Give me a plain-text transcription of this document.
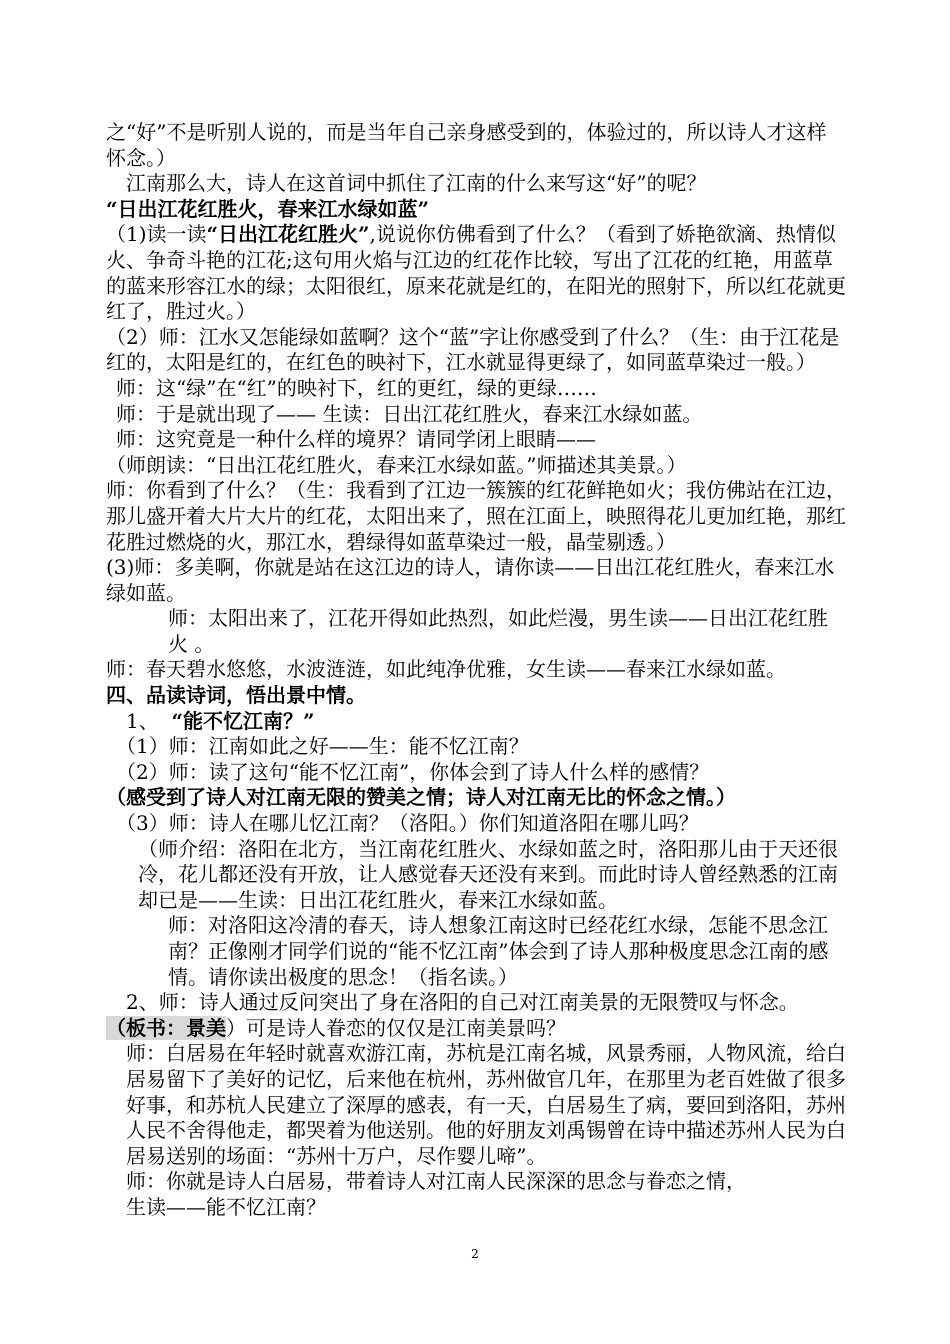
之“好”不是听别人说的，而是当年自己亲身感受到的，体验过的，所以诗人才这样怀念。）

江南那么大，诗人在这首词中抓住了江南的什么来写这“好”的呢？

“日出江花红胜火，春来江水绿如蓝”

（1)读一读“日出江花红胜火”,说说你仿佛看到了什么？（看到了娇艳欲滴、热情似火、争奇斗艳的江花;这句用火焰与江边的红花作比较，写出了江花的红艳，用蓝草的蓝来形容江水的绿；太阳很红，原来花就是红的，在阳光的照射下，所以红花就更红了，胜过火。）

（2）师：江水又怎能绿如蓝啊？这个“蓝”字让你感受到了什么？（生：由于江花是红的，太阳是红的，在红色的映衬下，江水就显得更绿了，如同蓝草染过一般。）

师：这“绿”在“红”的映衬下，红的更红，绿的更绿……

师：于是就出现了—— 生读：日出江花红胜火，春来江水绿如蓝。

师：这究竟是一种什么样的境界？请同学闭上眼睛——

（师朗读：“日出江花红胜火，春来江水绿如蓝。”师描述其美景。）

师：你看到了什么？（生：我看到了江边一簇簇的红花鲜艳如火；我仿佛站在江边，那儿盛开着大片大片的红花，太阳出来了，照在江面上，映照得花儿更加红艳，那红花胜过燃烧的火，那江水，碧绿得如蓝草染过一般，晶莹剔透。）

(3)师：多美啊，你就是站在这江边的诗人，请你读——日出江花红胜火，春来江水绿如蓝。

师：太阳出来了，江花开得如此热烈，如此烂漫，男生读——日出江花红胜火 。

师：春天碧水悠悠，水波涟涟，如此纯净优雅，女生读——春来江水绿如蓝。

四、品读诗词，悟出景中情。

1、 “能不忆江南？”

（1）师：江南如此之好——生：能不忆江南？

（2）师：读了这句“能不忆江南”，你体会到了诗人什么样的感情？

（感受到了诗人对江南无限的赞美之情；诗人对江南无比的怀念之情。）

（3）师：诗人在哪儿忆江南？（洛阳。）你们知道洛阳在哪儿吗？

（师介绍：洛阳在北方，当江南花红胜火、水绿如蓝之时，洛阳那儿由于天还很冷，花儿都还没有开放，让人感觉春天还没有来到。而此时诗人曾经熟悉的江南却已是——生读：日出江花红胜火，春来江水绿如蓝。

师：对洛阳这冷清的春天，诗人想象江南这时已经花红水绿，怎能不思念江南？正像刚才同学们说的“能不忆江南”体会到了诗人那种极度思念江南的感情。请你读出极度的思念！（指名读。）

2、师：诗人通过反问突出了身在洛阳的自己对江南美景的无限赞叹与怀念。

（板书：景美）可是诗人眷恋的仅仅是江南美景吗？

师：白居易在年轻时就喜欢游江南，苏杭是江南名城，风景秀丽，人物风流，给白居易留下了美好的记忆，后来他在杭州，苏州做官几年，在那里为老百姓做了很多好事，和苏杭人民建立了深厚的感表，有一天，白居易生了病，要回到洛阳，苏州人民不舍得他走，都哭着为他送别。他的好朋友刘禹锡曾在诗中描述苏州人民为白居易送别的场面：“苏州十万户，尽作婴儿啼”。

师：你就是诗人白居易，带着诗人对江南人民深深的思念与眷恋之情，

生读——能不忆江南？

2
